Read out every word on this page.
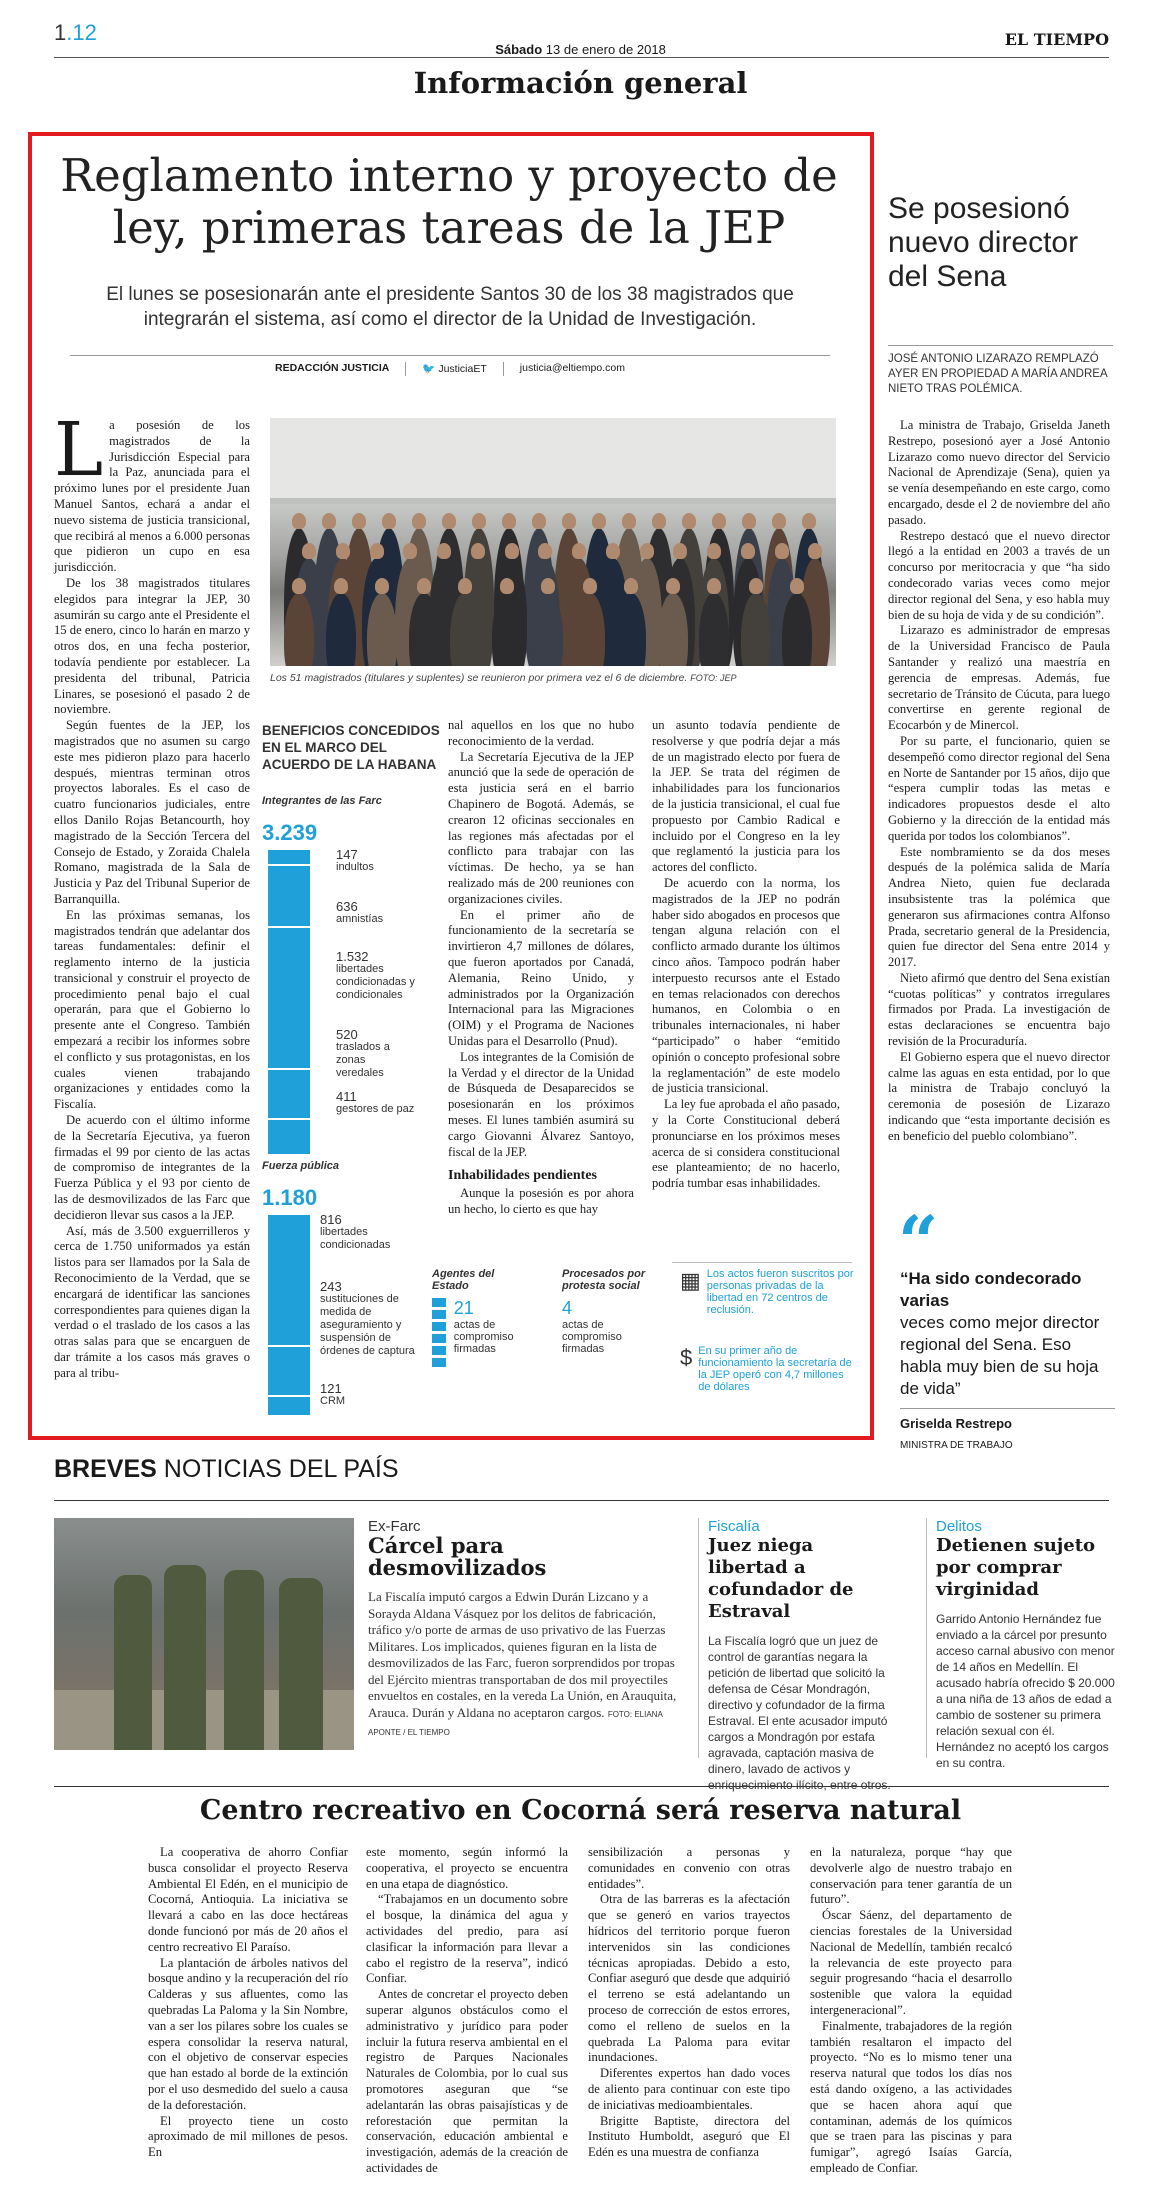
1.12
Sábado 13 de enero de 2018
EL TIEMPO
Información general
Reglamento interno y proyecto de ley, primeras tareas de la JEP
El lunes se posesionarán ante el presidente Santos 30 de los 38 magistrados que integrarán el sistema, así como el director de la Unidad de Investigación.
REDACCIÓN JUSTICIA	🐦 JusticiaET	justicia@eltiempo.com
La posesión de los magistrados de la Jurisdicción Especial para la Paz, anunciada para el próximo lunes por el presidente Juan Manuel Santos, echará a andar el nuevo sistema de justicia transicional, que recibirá al menos a 6.000 personas que pidieron un cupo en esa jurisdicción.

De los 38 magistrados titulares elegidos para integrar la JEP, 30 asumirán su cargo ante el Presidente el 15 de enero, cinco lo harán en marzo y otros dos, en una fecha posterior, todavía pendiente por establecer. La presidenta del tribunal, Patricia Linares, se posesionó el pasado 2 de noviembre.

Según fuentes de la JEP, los magistrados que no asumen su cargo este mes pidieron plazo para hacerlo después, mientras terminan otros proyectos laborales. Es el caso de cuatro funcionarios judiciales, entre ellos Danilo Rojas Betancourth, hoy magistrado de la Sección Tercera del Consejo de Estado, y Zoraida Chalela Romano, magistrada de la Sala de Justicia y Paz del Tribunal Superior de Barranquilla.

En las próximas semanas, los magistrados tendrán que adelantar dos tareas fundamentales: definir el reglamento interno de la justicia transicional y construir el proyecto de procedimiento penal bajo el cual operarán, para que el Gobierno lo presente ante el Congreso. También empezará a recibir los informes sobre el conflicto y sus protagonistas, en los cuales vienen trabajando organizaciones y entidades como la Fiscalía.

De acuerdo con el último informe de la Secretaría Ejecutiva, ya fueron firmadas el 99 por ciento de las actas de compromiso de integrantes de la Fuerza Pública y el 93 por ciento de las de desmovilizados de las Farc que decidieron llevar sus casos a la JEP.

Así, más de 3.500 exguerrilleros y cerca de 1.750 uniformados ya están listos para ser llamados por la Sala de Reconocimiento de la Verdad, que se encargará de identificar las sanciones correspondientes para quienes digan la verdad o el traslado de los casos a las otras salas para que se encarguen de dar trámite a los casos más graves o para al tribu-

Los 51 magistrados (titulares y suplentes) se reunieron por primera vez el 6 de diciembre. FOTO: JEP
BENEFICIOS CONCEDIDOS
EN EL MARCO DEL
ACUERDO DE LA HABANA
Integrantes de las Farc
3.239
147
indultos
636
amnistías
1.532
libertades condicionadas y condicionales
520
traslados a zonas veredales
411
gestores de paz
Fuerza pública
1.180
816
libertades condicionadas
243
sustituciones de medida de aseguramiento y suspensión de órdenes de captura
121
CRM
Agentes del Estado
21
actas de compromiso firmadas
Procesados por protesta social
4
actas de compromiso firmadas
▦ Los actos fueron suscritos por personas privadas de la libertad en 72 centros de reclusión.
$ En su primer año de funcionamiento la secretaría de la JEP operó con 4,7 millones de dólares

nal aquellos en los que no hubo reconocimiento de la verdad.

La Secretaría Ejecutiva de la JEP anunció que la sede de operación de esta justicia será en el barrio Chapinero de Bogotá. Además, se crearon 12 oficinas seccionales en las regiones más afectadas por el conflicto para trabajar con las víctimas. De hecho, ya se han realizado más de 200 reuniones con organizaciones civiles.

En el primer año de funcionamiento de la secretaría se invirtieron 4,7 millones de dólares, que fueron aportados por Canadá, Alemania, Reino Unido, y administrados por la Organización Internacional para las Migraciones (OIM) y el Programa de Naciones Unidas para el Desarrollo (Pnud).

Los integrantes de la Comisión de la Verdad y el director de la Unidad de Búsqueda de Desaparecidos se posesionarán en los próximos meses. El lunes también asumirá su cargo Giovanni Álvarez Santoyo, fiscal de la JEP.

Inhabilidades pendientes

Aunque la posesión es por ahora un hecho, lo cierto es que hay

un asunto todavía pendiente de resolverse y que podría dejar a más de un magistrado electo por fuera de la JEP. Se trata del régimen de inhabilidades para los funcionarios de la justicia transicional, el cual fue propuesto por Cambio Radical e incluido por el Congreso en la ley que reglamentó la justicia para los actores del conflicto.

De acuerdo con la norma, los magistrados de la JEP no podrán haber sido abogados en procesos que tengan alguna relación con el conflicto armado durante los últimos cinco años. Tampoco podrán haber interpuesto recursos ante el Estado en temas relacionados con derechos humanos, en Colombia o en tribunales internacionales, ni haber “participado” o haber “emitido opinión o concepto profesional sobre la reglamentación” de este modelo de justicia transicional.

La ley fue aprobada el año pasado, y la Corte Constitucional deberá pronunciarse en los próximos meses acerca de si considera constitucional ese planteamiento; de no hacerlo, podría tumbar esas inhabilidades.

Se posesionó nuevo director del Sena
JOSÉ ANTONIO LIZARAZO REMPLAZÓ AYER EN PROPIEDAD A MARÍA ANDREA NIETO TRAS POLÉMICA.

La ministra de Trabajo, Griselda Janeth Restrepo, posesionó ayer a José Antonio Lizarazo como nuevo director del Servicio Nacional de Aprendizaje (Sena), quien ya se venía desempeñando en este cargo, como encargado, desde el 2 de noviembre del año pasado.

Restrepo destacó que el nuevo director llegó a la entidad en 2003 a través de un concurso por meritocracia y que “ha sido condecorado varias veces como mejor director regional del Sena, y eso habla muy bien de su hoja de vida y de su condición”.

Lizarazo es administrador de empresas de la Universidad Francisco de Paula Santander y realizó una maestría en gerencia de empresas. Además, fue secretario de Tránsito de Cúcuta, para luego convertirse en gerente regional de Ecocarbón y de Minercol.

Por su parte, el funcionario, quien se desempeñó como director regional del Sena en Norte de Santander por 15 años, dijo que “espera cumplir todas las metas e indicadores propuestos desde el alto Gobierno y la dirección de la entidad más querida por todos los colombianos”.

Este nombramiento se da dos meses después de la polémica salida de María Andrea Nieto, quien fue declarada insubsistente tras la polémica que generaron sus afirmaciones contra Alfonso Prada, secretario general de la Presidencia, quien fue director del Sena entre 2014 y 2017.

Nieto afirmó que dentro del Sena existían “cuotas políticas” y contratos irregulares firmados por Prada. La investigación de estas declaraciones se encuentra bajo revisión de la Procuraduría.

El Gobierno espera que el nuevo director calme las aguas en esta entidad, por lo que la ministra de Trabajo concluyó la ceremonia de posesión de Lizarazo indicando que “esta importante decisión es en beneficio del pueblo colombiano”.

“
“Ha sido condecorado varias
veces como mejor director regional del Sena. Eso habla muy bien de su hoja de vida”
Griselda Restrepo
MINISTRA DE TRABAJO
BREVES NOTICIAS DEL PAÍS
Ex-Farc
Cárcel para desmovilizados
La Fiscalía imputó cargos a Edwin Durán Lizcano y a Sorayda Aldana Vásquez por los delitos de fabricación, tráfico y/o porte de armas de uso privativo de las Fuerzas Militares. Los implicados, quienes figuran en la lista de desmovilizados de las Farc, fueron sorprendidos por tropas del Ejército mientras transportaban de dos mil proyectiles envueltos en costales, en la vereda La Unión, en Arauquita, Arauca. Durán y Aldana no aceptaron cargos. FOTO: ELIANA APONTE / EL TIEMPO
Fiscalía
Juez niega libertad a cofundador de Estraval
La Fiscalía logró que un juez de control de garantías negara la petición de libertad que solicitó la defensa de César Mondragón, directivo y cofundador de la firma Estraval. El ente acusador imputó cargos a Mondragón por estafa agravada, captación masiva de dinero, lavado de activos y enriquecimiento ilícito, entre otros.
Delitos
Detienen sujeto por comprar virginidad
Garrido Antonio Hernández fue enviado a la cárcel por presunto acceso carnal abusivo con menor de 14 años en Medellín. El acusado habría ofrecido $ 20.000 a una niña de 13 años de edad a cambio de sostener su primera relación sexual con él. Hernández no aceptó los cargos en su contra.
Centro recreativo en Cocorná será reserva natural

La cooperativa de ahorro Confiar busca consolidar el proyecto Reserva Ambiental El Edén, en el municipio de Cocorná, Antioquia. La iniciativa se llevará a cabo en las doce hectáreas donde funcionó por más de 20 años el centro recreativo El Paraíso.

La plantación de árboles nativos del bosque andino y la recuperación del río Calderas y sus afluentes, como las quebradas La Paloma y la Sin Nombre, van a ser los pilares sobre los cuales se espera consolidar la reserva natural, con el objetivo de conservar especies que han estado al borde de la extinción por el uso desmedido del suelo a causa de la deforestación.

El proyecto tiene un costo aproximado de mil millones de pesos. En

este momento, según informó la cooperativa, el proyecto se encuentra en una etapa de diagnóstico.

“Trabajamos en un documento sobre el bosque, la dinámica del agua y actividades del predio, para así clasificar la información para llevar a cabo el registro de la reserva”, indicó Confiar.

Antes de concretar el proyecto deben superar algunos obstáculos como el administrativo y jurídico para poder incluir la futura reserva ambiental en el registro de Parques Nacionales Naturales de Colombia, por lo cual sus promotores aseguran que “se adelantarán las obras paisajísticas y de reforestación que permitan la conservación, educación ambiental e investigación, además de la creación de actividades de

sensibilización a personas y comunidades en convenio con otras entidades”.

Otra de las barreras es la afectación que se generó en varios trayectos hídricos del territorio porque fueron intervenidos sin las condiciones técnicas apropiadas. Debido a esto, Confiar aseguró que desde que adquirió el terreno se está adelantando un proceso de corrección de estos errores, como el relleno de suelos en la quebrada La Paloma para evitar inundaciones.

Diferentes expertos han dado voces de aliento para continuar con este tipo de iniciativas medioambientales.

Brigitte Baptiste, directora del Instituto Humboldt, aseguró que El Edén es una muestra de confianza

en la naturaleza, porque “hay que devolverle algo de nuestro trabajo en conservación para tener garantía de un futuro”.

Óscar Sáenz, del departamento de ciencias forestales de la Universidad Nacional de Medellín, también recalcó la relevancia de este proyecto para seguir progresando “hacia el desarrollo sostenible que valora la equidad intergeneracional”.

Finalmente, trabajadores de la región también resaltaron el impacto del proyecto. “No es lo mismo tener una reserva natural que todos los días nos está dando oxígeno, a las actividades que se hacen ahora aquí que contaminan, además de los químicos que se traen para las piscinas y para fumigar”, agregó Isaías García, empleado de Confiar.
